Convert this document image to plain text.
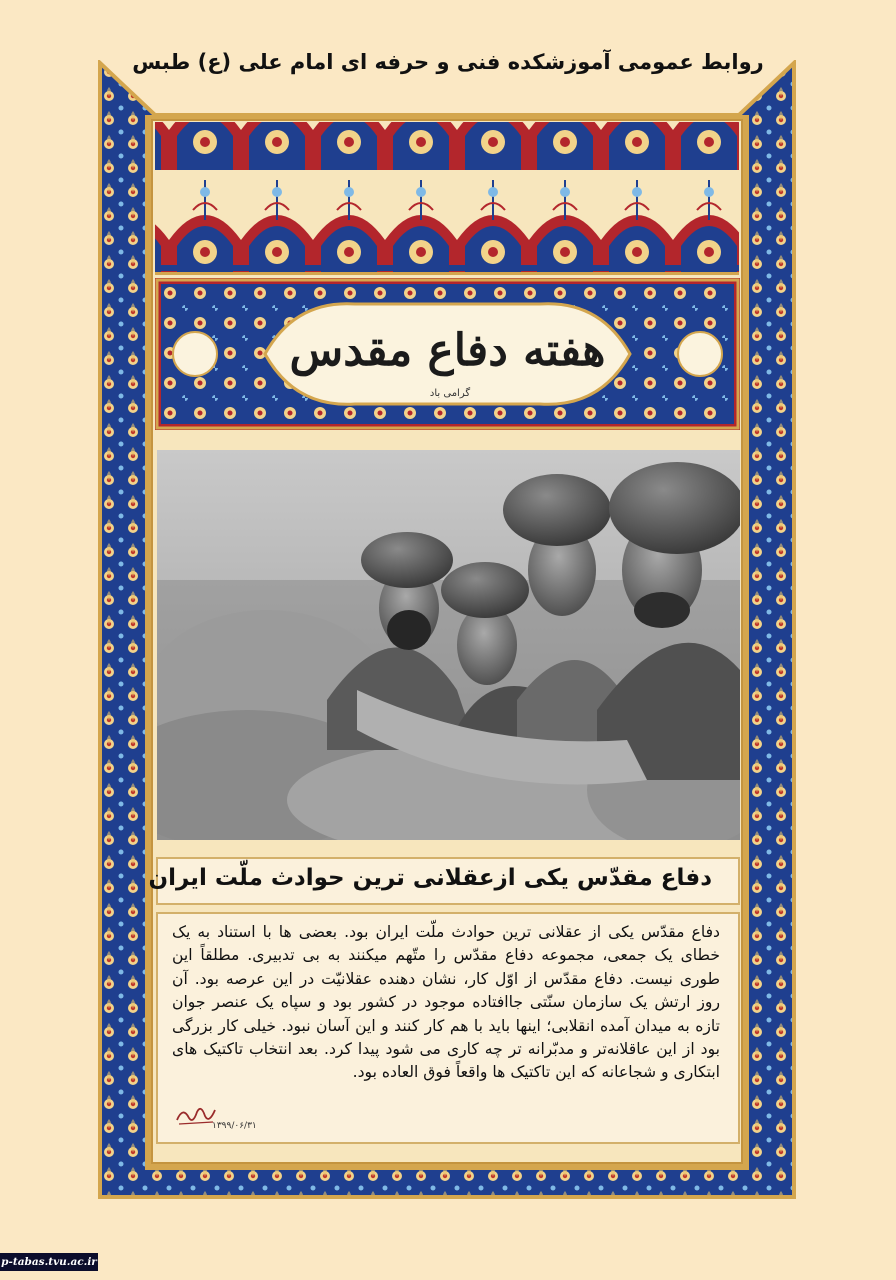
روابط عمومی آموزشکده فنی و حرفه ای امام علی (ع) طبس
هفته دفاع مقدس
گرامی باد
دفاع مقدّس یکی ازعقلانی ترین حوادث ملّت ایران

دفاع مقدّس یکی از عقلانی ترین حوادث ملّت ایران بود. بعضی ها با استناد به یک خطای یک جمعی، مجموعه دفاع مقدّس را متّهم میکنند به بی تدبیری. مطلقاً این طوری نیست. دفاع مقدّس از اوّل کار، نشان دهنده عقلانیّت در این عرصه بود. آن روز ارتش یک سازمان سنّتی جاافتاده موجود در کشور بود و سپاه یک عنصر جوان تازه به میدان آمده انقلابی؛ اینها باید با هم کار کنند و این آسان نبود. خیلی کار بزرگی بود از این عاقلانه‌تر و مدبّرانه تر چه کاری می شود پیدا کرد. بعد انتخاب تاکتیک های ابتکاری و شجاعانه که این تاکتیک ها واقعاً فوق العاده بود.

۱۳۹۹/۰۶/۳۱
p-tabas.tvu.ac.ir
